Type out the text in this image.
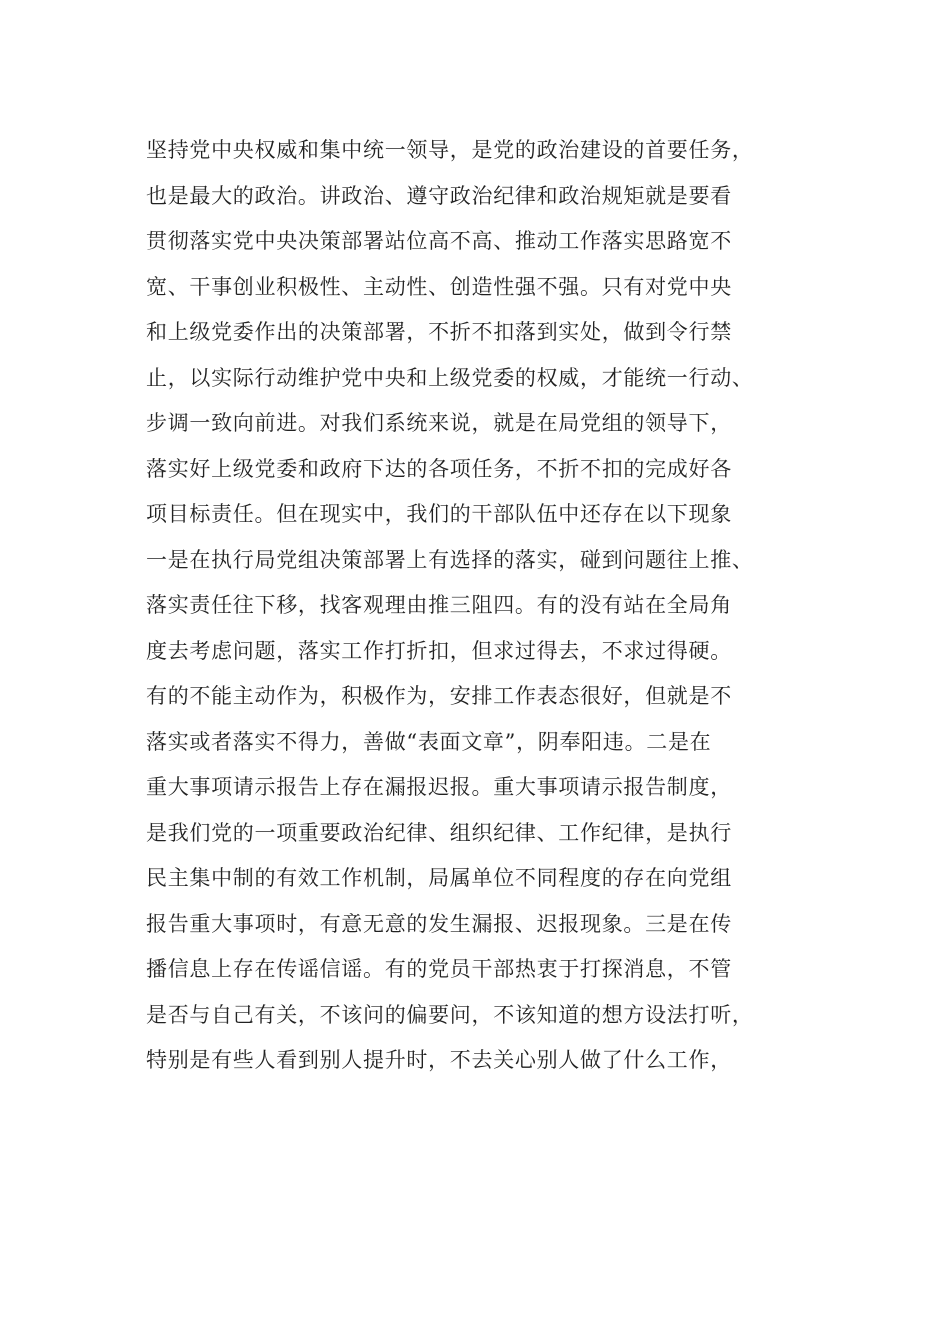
坚持党中央权威和集中统一领导，是党的政治建设的首要任务，
也是最大的政治。讲政治、遵守政治纪律和政治规矩就是要看
贯彻落实党中央决策部署站位高不高、推动工作落实思路宽不
宽、干事创业积极性、主动性、创造性强不强。只有对党中央
和上级党委作出的决策部署，不折不扣落到实处，做到令行禁
止，以实际行动维护党中央和上级党委的权威，才能统一行动、
步调一致向前进。对我们系统来说，就是在局党组的领导下，
落实好上级党委和政府下达的各项任务，不折不扣的完成好各
项目标责任。但在现实中，我们的干部队伍中还存在以下现象
一是在执行局党组决策部署上有选择的落实，碰到问题往上推、
落实责任往下移，找客观理由推三阻四。有的没有站在全局角
度去考虑问题，落实工作打折扣，但求过得去，不求过得硬。
有的不能主动作为，积极作为，安排工作表态很好，但就是不
落实或者落实不得力，善做“表面文章”，阴奉阳违。二是在
重大事项请示报告上存在漏报迟报。重大事项请示报告制度，
是我们党的一项重要政治纪律、组织纪律、工作纪律，是执行
民主集中制的有效工作机制，局属单位不同程度的存在向党组
报告重大事项时，有意无意的发生漏报、迟报现象。三是在传
播信息上存在传谣信谣。有的党员干部热衷于打探消息，不管
是否与自己有关，不该问的偏要问，不该知道的想方设法打听，
特别是有些人看到别人提升时，不去关心别人做了什么工作，
